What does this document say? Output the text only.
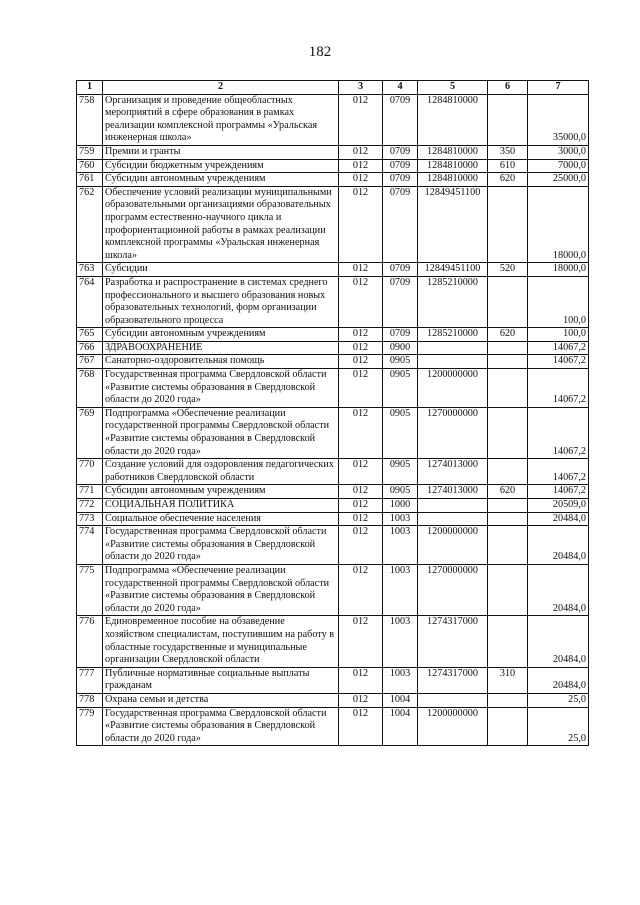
182
1	2	3	4	5	6	7
758	Организация и проведение общеобластных мероприятий в сфере образования в рамках реализации комплексной программы «Уральская инженерная школа»	012	0709	1284810000		35000,0
759	Премии и гранты	012	0709	1284810000	350	3000,0
760	Субсидии бюджетным учреждениям	012	0709	1284810000	610	7000,0
761	Субсидии автономным учреждениям	012	0709	1284810000	620	25000,0
762	Обеспечение условий реализации муниципальными образовательными организациями образовательных программ естественно-научного цикла и профориентационной работы в рамках реализации комплексной программы «Уральская инженерная школа»	012	0709	12849451100		18000,0
763	Субсидии	012	0709	12849451100	520	18000,0
764	Разработка и распространение в системах среднего профессионального и высшего образования новых образовательных технологий, форм организации образовательного процесса	012	0709	1285210000		100,0
765	Субсидии автономным учреждениям	012	0709	1285210000	620	100,0
766	ЗДРАВООХРАНЕНИЕ	012	0900			14067,2
767	Санаторно-оздоровительная помощь	012	0905			14067,2
768	Государственная программа Свердловской области «Развитие системы образования в Свердловской области до 2020 года»	012	0905	1200000000		14067,2
769	Подпрограмма «Обеспечение реализации государственной программы Свердловской области «Развитие системы образования в Свердловской области до 2020 года»	012	0905	1270000000		14067,2
770	Создание условий для оздоровления педагогических работников Свердловской области	012	0905	1274013000		14067,2
771	Субсидии автономным учреждениям	012	0905	1274013000	620	14067,2
772	СОЦИАЛЬНАЯ ПОЛИТИКА	012	1000			20509,0
773	Социальное обеспечение населения	012	1003			20484,0
774	Государственная программа Свердловской области «Развитие системы образования в Свердловской области до 2020 года»	012	1003	1200000000		20484,0
775	Подпрограмма «Обеспечение реализации государственной программы Свердловской области «Развитие системы образования в Свердловской области до 2020 года»	012	1003	1270000000		20484,0
776	Единовременное пособие на обзаведение хозяйством специалистам, поступившим на работу в областные государственные и муниципальные организации Свердловской области	012	1003	1274317000		20484,0
777	Публичные нормативные социальные выплаты гражданам	012	1003	1274317000	310	20484,0
778	Охрана семьи и детства	012	1004			25,0
779	Государственная программа Свердловской области «Развитие системы образования в Свердловской области до 2020 года»	012	1004	1200000000		25,0
